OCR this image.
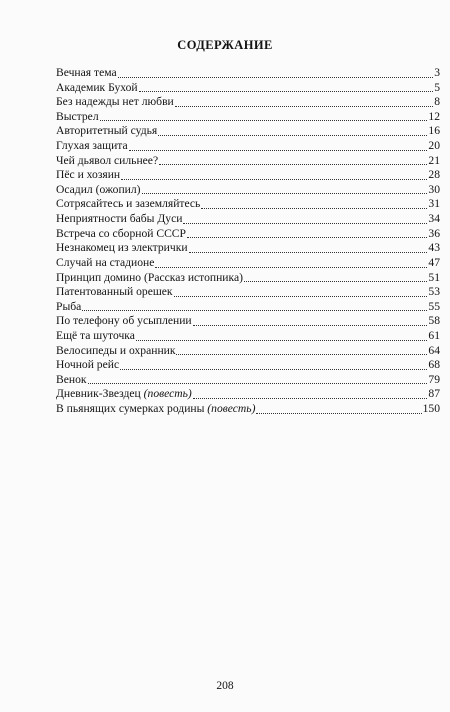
СОДЕРЖАНИЕ
Вечная тема	3
Академик Бухой	5
Без надежды нет любви	8
Выстрел	12
Авторитетный судья	16
Глухая защита	20
Чей дьявол сильнее?	21
Пёс и хозяин	28
Осадил (ожопил)	30
Сотрясайтесь и заземляйтесь	31
Неприятности бабы Дуси	34
Встреча со сборной СССР	36
Незнакомец из электрички	43
Случай на стадионе	47
Принцип домино (Рассказ истопника)	51
Патентованный орешек	53
Рыба	55
По телефону об усыплении	58
Ещё та шуточка	61
Велосипеды и охранник	64
Ночной рейс	68
Венок	79
Дневник-Звездец (повесть)	87
В пьянящих сумерках родины (повесть)	150
208
